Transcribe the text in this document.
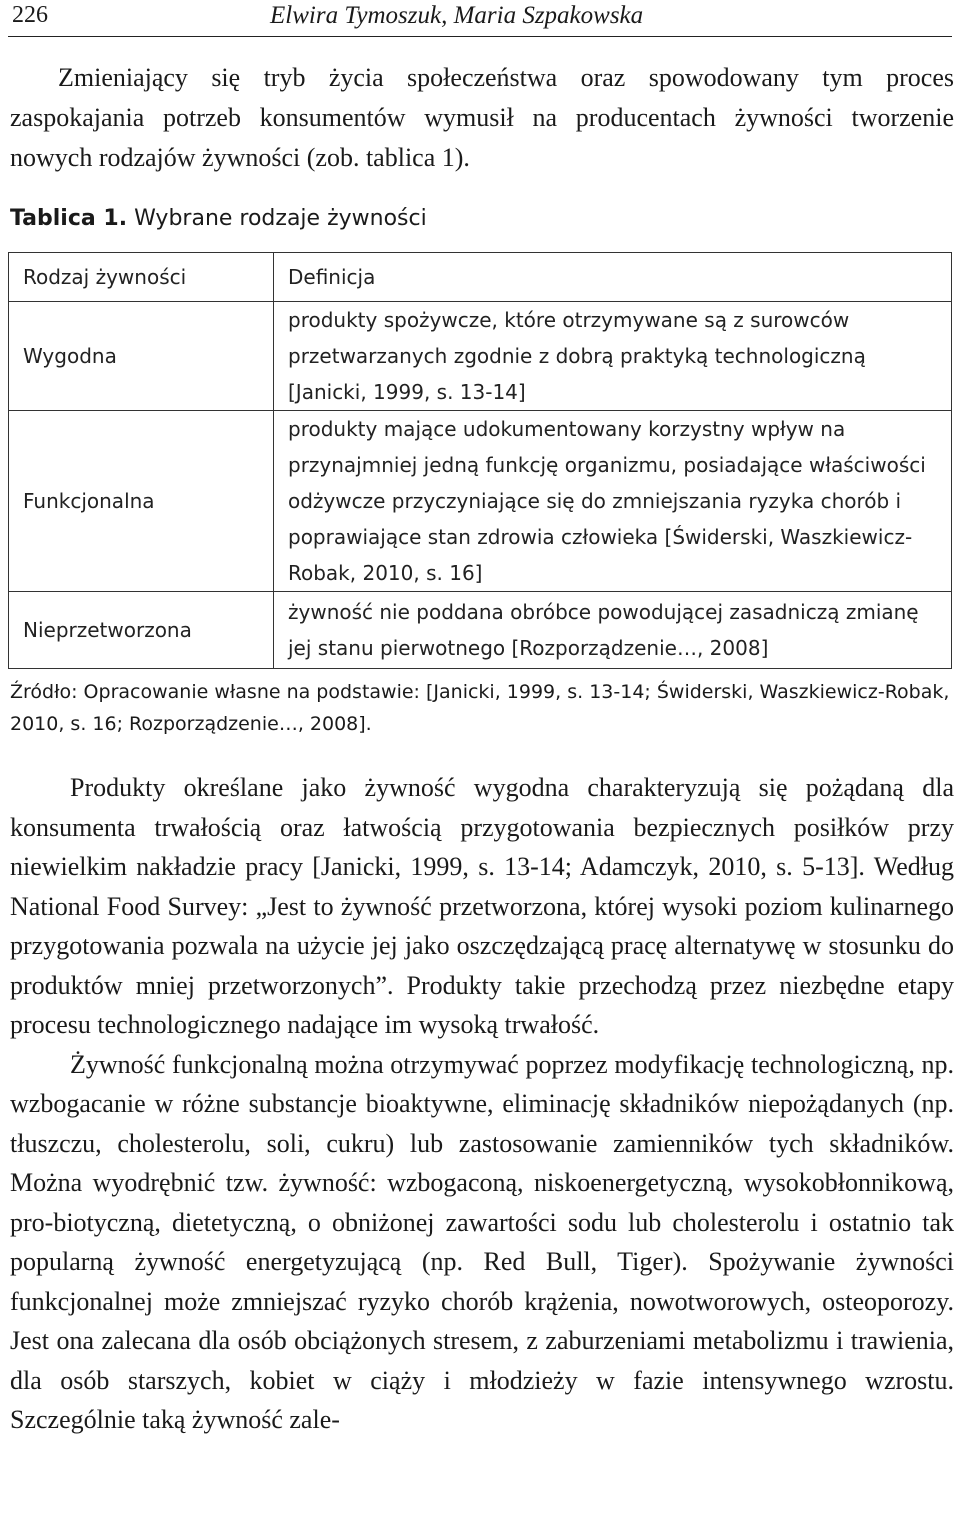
226	Elwira Tymoszuk, Maria Szpakowska

Zmieniający się tryb życia społeczeństwa oraz spowodowany tym proces zaspokajania potrzeb konsumentów wymusił na producentach żywności tworzenie nowych rodzajów żywności (zob. tablica 1).

Tablica 1. Wybrane rodzaje żywności
Rodzaj żywności	Definicja
Wygodna	produkty spożywcze, które otrzymywane są z surowców przetwarzanych zgodnie z dobrą praktyką technologiczną [Janicki, 1999, s. 13-14]
Funkcjonalna	produkty mające udokumentowany korzystny wpływ na przynajmniej jedną funkcję organizmu, posiadające właściwości odżywcze przyczyniające się do zmniejszania ryzyka chorób i poprawiające stan zdrowia człowieka [Świderski, Waszkiewicz-Robak, 2010, s. 16]
Nieprzetworzona	żywność nie poddana obróbce powodującej zasadniczą zmianę jej stanu pierwotnego [Rozporządzenie…, 2008]

Źródło: Opracowanie własne na podstawie: [Janicki, 1999, s. 13-14; Świderski, Waszkiewicz-Robak, 2010, s. 16; Rozporządzenie…, 2008].

Produkty określane jako żywność wygodna charakteryzują się pożądaną dla konsumenta trwałością oraz łatwością przygotowania bezpiecznych posiłków przy niewielkim nakładzie pracy [Janicki, 1999, s. 13-14; Adamczyk, 2010, s. 5-13]. Według National Food Survey: „Jest to żywność przetworzona, której wysoki poziom kulinarnego przygotowania pozwala na użycie jej jako oszczędzającą pracę alternatywę w stosunku do produktów mniej przetworzonych”. Produkty takie przechodzą przez niezbędne etapy procesu technologicznego nadające im wysoką trwałość.

Żywność funkcjonalną można otrzymywać poprzez modyfikację technologiczną, np. wzbogacanie w różne substancje bioaktywne, eliminację składników niepożądanych (np. tłuszczu, cholesterolu, soli, cukru) lub zastosowanie zamienników tych składników. Można wyodrębnić tzw. żywność: wzbogaconą, niskoenergetyczną, wysokobłonnikową, pro-biotyczną, dietetyczną, o obniżonej zawartości sodu lub cholesterolu i ostatnio tak popularną żywność energetyzującą (np. Red Bull, Tiger). Spożywanie żywności funkcjonalnej może zmniejszać ryzyko chorób krążenia, nowotworowych, osteoporozy. Jest ona zalecana dla osób obciążonych stresem, z zaburzeniami metabolizmu i trawienia, dla osób starszych, kobiet w ciąży i młodzieży w fazie intensywnego wzrostu. Szczególnie taką żywność zale-
